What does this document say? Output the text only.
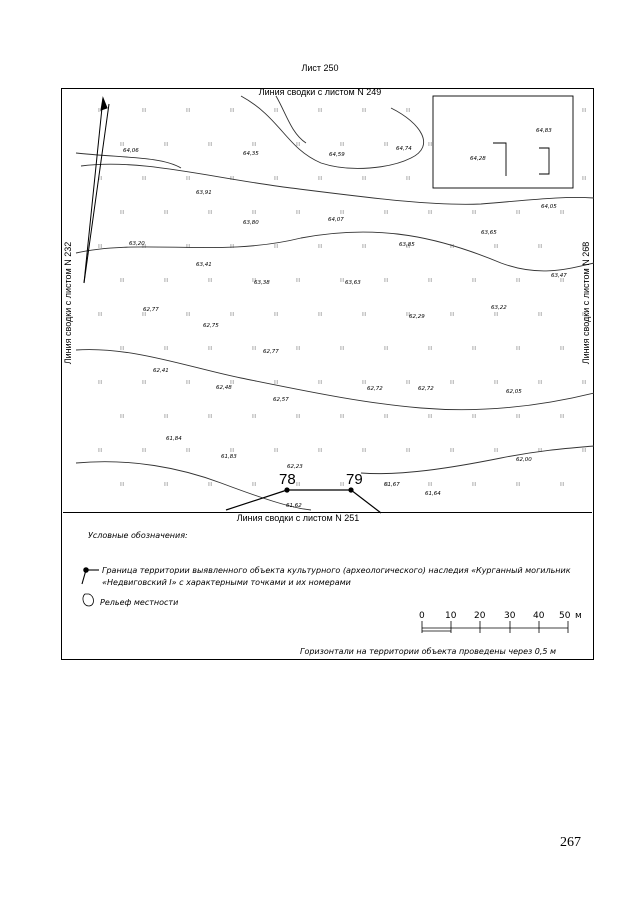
Лист 250
78	79
64,06	64,35	64,59
64,74
64,28
64,83
63,91
63,80	64,07
64,05
63,20	63,85
63,65
63,41
63,38	63,63
63,47
62,77
62,75
62,29
63,22
62,77
62,41
62,48
62,57
62,72	62,72	62,05
61,84
61,83
62,23
62,00
61,67
61,64
61,62
0 10 20 30 40 50 м
Линия сводки с листом N 249
Линия сводки с листом N 251
Линия сводки с листом N 232	Линия сводки с листом N 268
Условные обозначения:
Граница территории выявленного объекта культурного (археологического) наследия «Курганный могильник «Недвиговский I» с характерными точками и их номерами
Рельеф местности
Горизонтали на территории объекта проведены через 0,5 м
267
